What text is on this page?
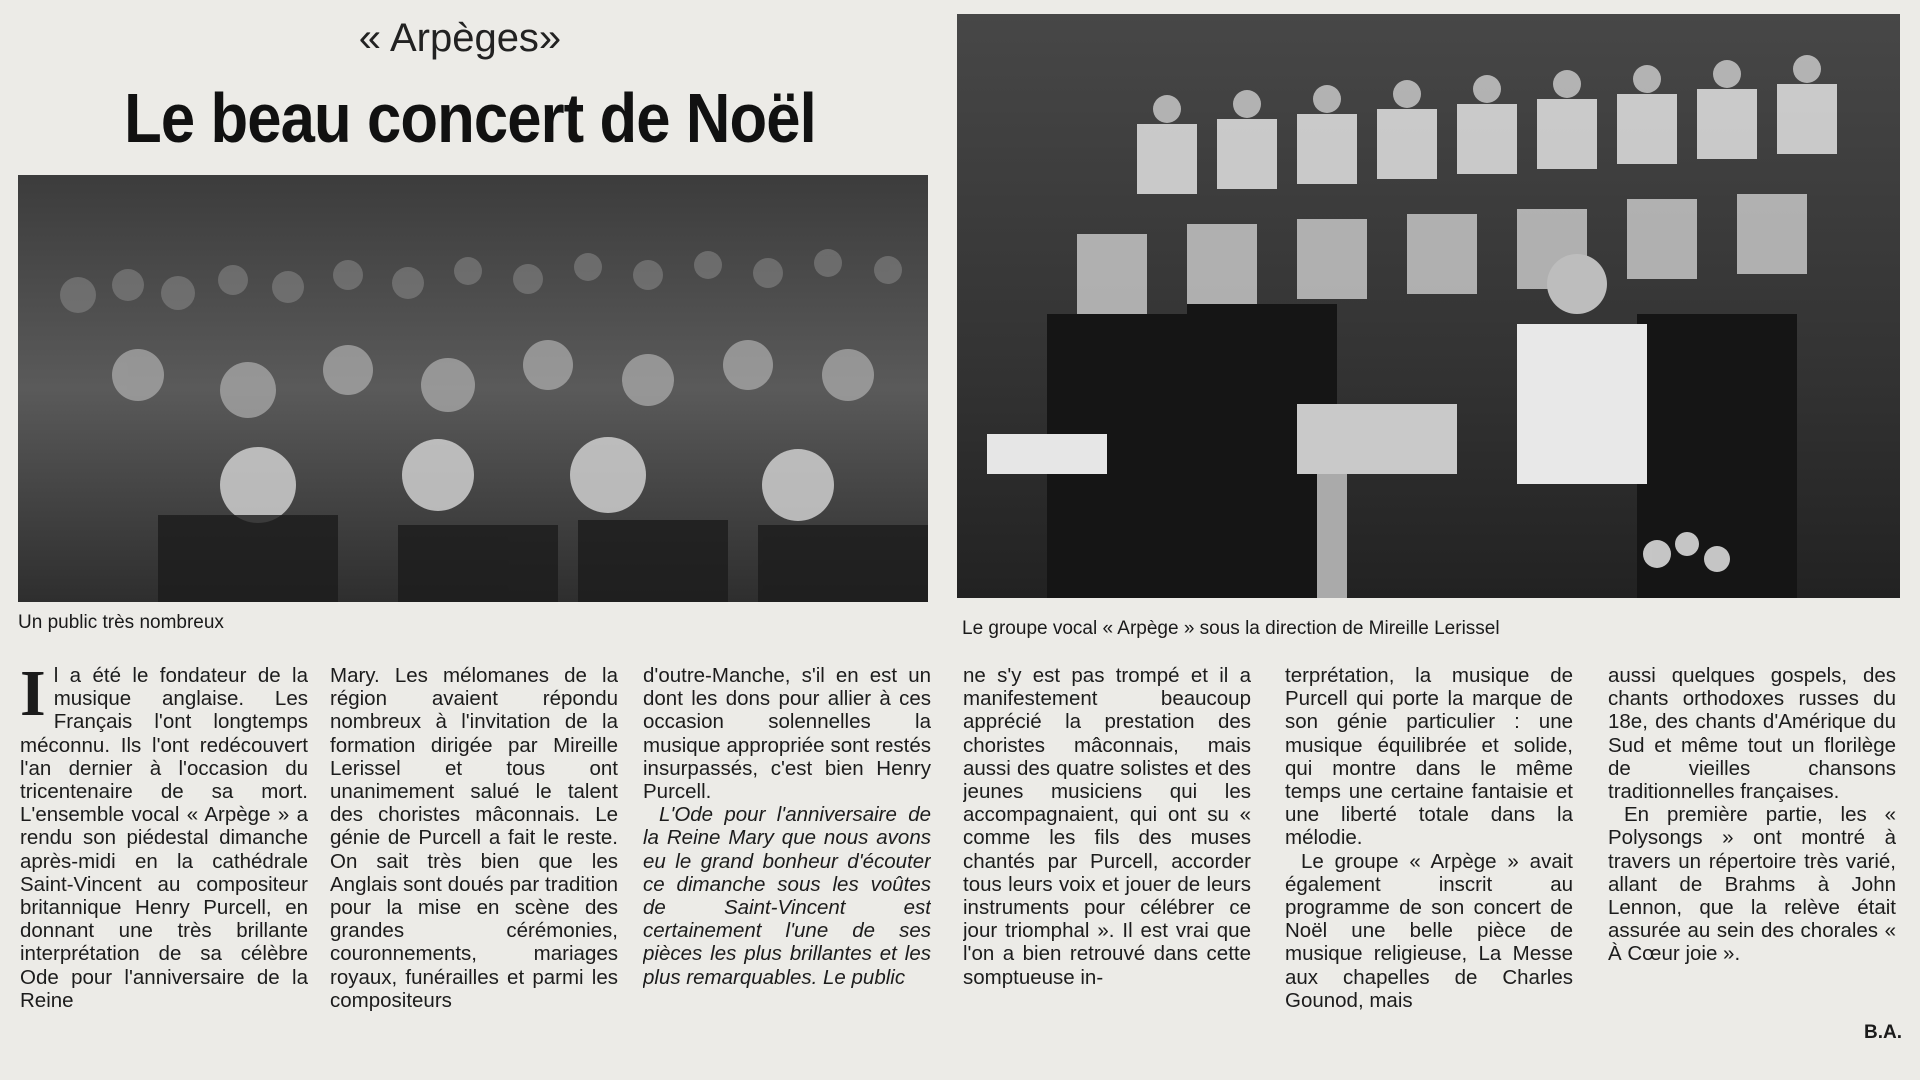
« Arpèges»
Le beau concert de Noël
Un public très nombreux	Le groupe vocal « Arpège » sous la direction de Mireille Lerissel

Il a été le fondateur de la musique anglaise. Les Français l'ont longtemps méconnu. Ils l'ont redécouvert l'an dernier à l'occasion du tricentenaire de sa mort. L'ensemble vocal « Arpège » a rendu son piédestal dimanche après-midi en la cathédrale Saint-Vincent au compositeur britannique Henry Purcell, en donnant une très brillante interprétation de sa célèbre Ode pour l'anniversaire de la Reine

Mary. Les mélomanes de la région avaient répondu nombreux à l'invitation de la formation dirigée par Mireille Lerissel et tous ont unanimement salué le talent des choristes mâconnais. Le génie de Purcell a fait le reste. On sait très bien que les Anglais sont doués par tradition pour la mise en scène des grandes cérémonies, couronnements, mariages royaux, funérailles et parmi les compositeurs

d'outre-Manche, s'il en est un dont les dons pour allier à ces occasion solennelles la musique appropriée sont restés insurpassés, c'est bien Henry Purcell.

L'Ode pour l'anniversaire de la Reine Mary que nous avons eu le grand bonheur d'écouter ce dimanche sous les voûtes de Saint-Vincent est certainement l'une de ses pièces les plus brillantes et les plus remarquables. Le public

ne s'y est pas trompé et il a manifestement beaucoup apprécié la prestation des choristes mâconnais, mais aussi des quatre solistes et des jeunes musiciens qui les accompagnaient, qui ont su « comme les fils des muses chantés par Purcell, accorder tous leurs voix et jouer de leurs instruments pour célébrer ce jour triomphal ». Il est vrai que l'on a bien retrouvé dans cette somptueuse in-

terprétation, la musique de Purcell qui porte la marque de son génie particulier : une musique équilibrée et solide, qui montre dans le même temps une certaine fantaisie et une liberté totale dans la mélodie.

Le groupe « Arpège » avait également inscrit au programme de son concert de Noël une belle pièce de musique religieuse, La Messe aux chapelles de Charles Gounod, mais

aussi quelques gospels, des chants orthodoxes russes du 18e, des chants d'Amérique du Sud et même tout un florilège de vieilles chansons traditionnelles françaises.

En première partie, les « Polysongs » ont montré à travers un répertoire très varié, allant de Brahms à John Lennon, que la relève était assurée au sein des chorales « À Cœur joie ».

B.A.
